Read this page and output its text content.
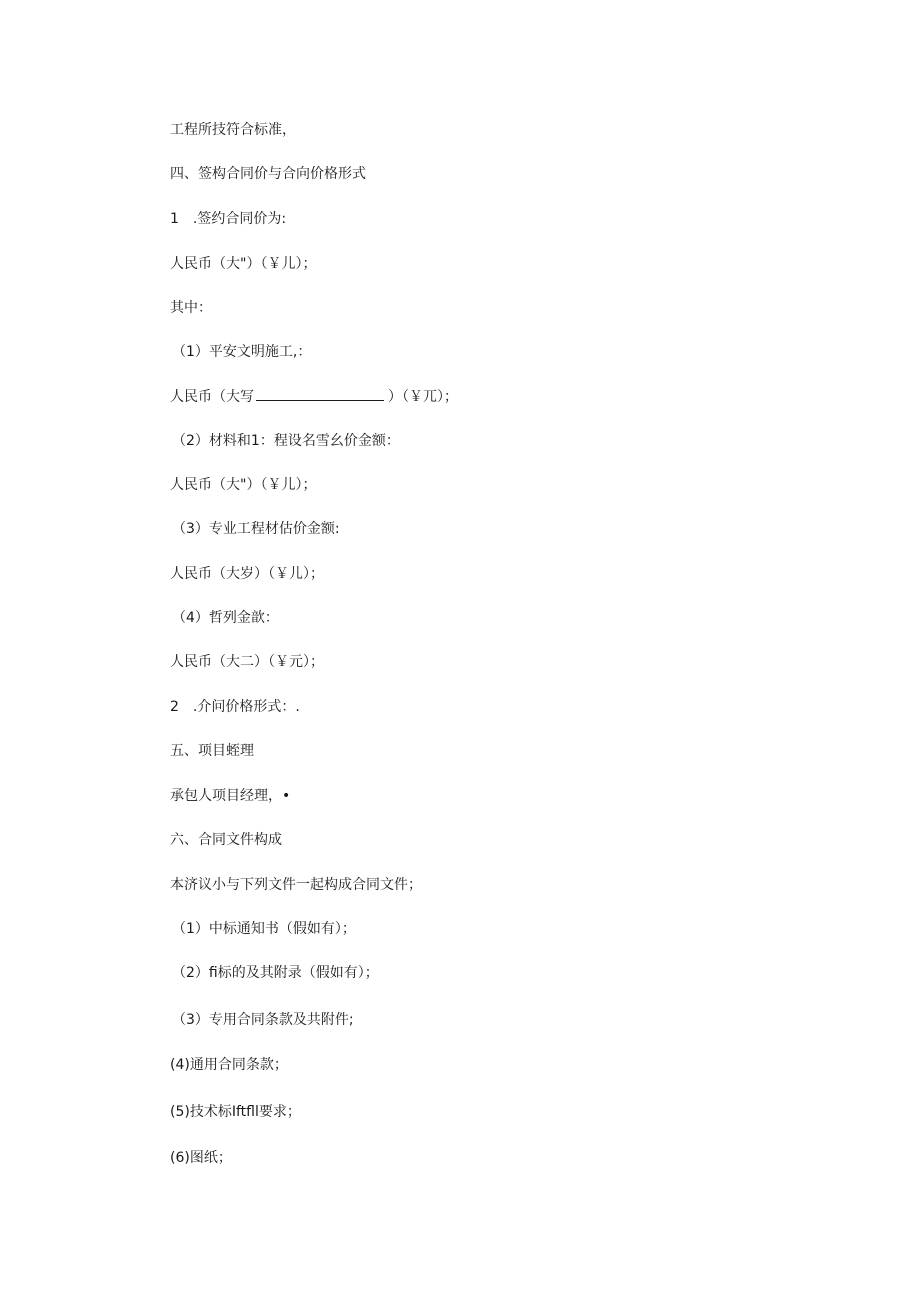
工程所技符合标准，
四、签构合同价与合向价格形式
1　.签约合同价为:
人民币（大"）（￥儿）；
其中：
（1）平安文明施工,：
人民币（大写	）（￥兀）；
（2）材料和1：程设名雪幺价金额：
人民币（大"）（￥儿）；
（3）专业工程材估价金额:
人民币（大岁）（￥儿）；
（4）哲列金歆：
人民币（大二）（￥元）；
2　.介问价格形式：.
五、项目蛭理
承包人项目经理，•
六、合同文件构成
本济议小与下列文件一起构成合同文件；
（1）中标通知书（假如有）；
（2）fi标的及其附录（假如有）；
（3）专用合同条款及共附件;
(4)通用合同条款；
(5)技术标Iftfll要求；
(6)图纸；
